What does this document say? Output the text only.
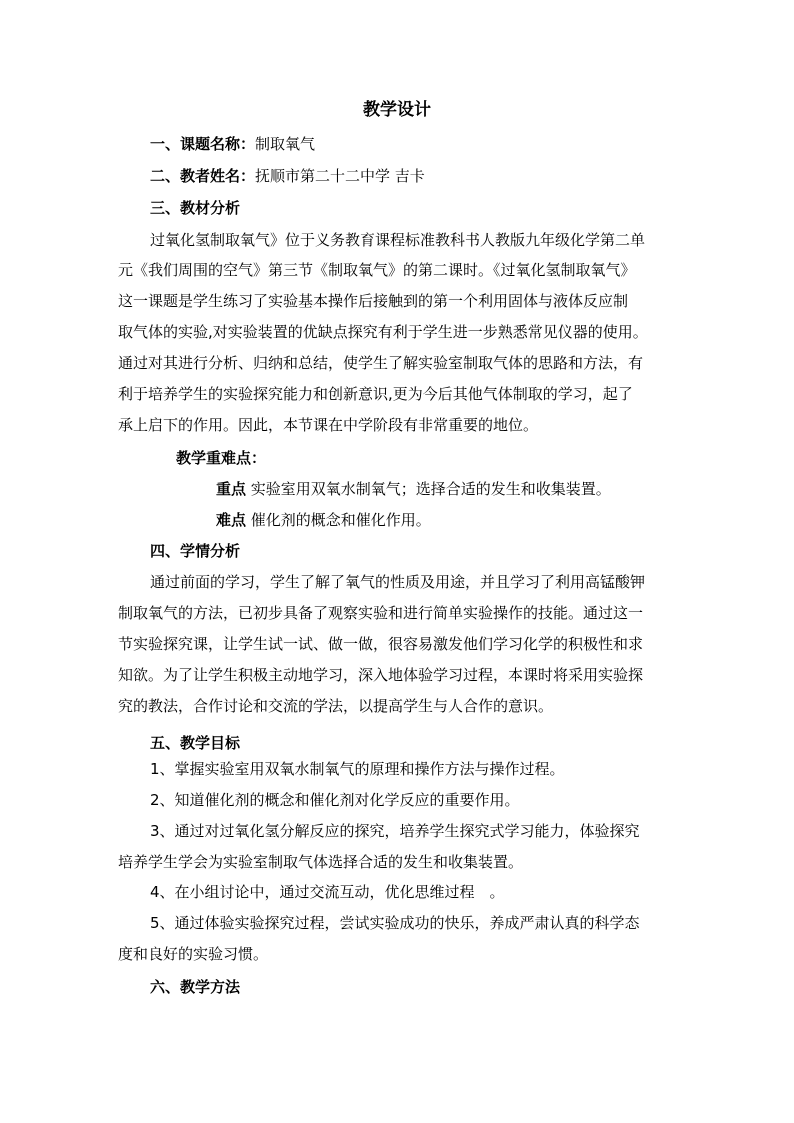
教学设计
一、课题名称：制取氧气
二、教者姓名：抚顺市第二十二中学 吉卡
三、教材分析
过氧化氢制取氧气》位于义务教育课程标准教科书人教版九年级化学第二单
元《我们周围的空气》第三节《制取氧气》的第二课时。《过氧化氢制取氧气》
这一课题是学生练习了实验基本操作后接触到的第一个利用固体与液体反应制
取气体的实验,对实验装置的优缺点探究有利于学生进一步熟悉常见仪器的使用。
通过对其进行分析、归纳和总结，使学生了解实验室制取气体的思路和方法，有
利于培养学生的实验探究能力和创新意识,更为今后其他气体制取的学习，起了
承上启下的作用。因此，本节课在中学阶段有非常重要的地位。
教学重难点：
重点 实验室用双氧水制氧气；选择合适的发生和收集装置。
难点 催化剂的概念和催化作用。
四、学情分析
通过前面的学习，学生了解了氧气的性质及用途，并且学习了利用高锰酸钾
制取氧气的方法，已初步具备了观察实验和进行简单实验操作的技能。通过这一
节实验探究课，让学生试一试、做一做，很容易激发他们学习化学的积极性和求
知欲。为了让学生积极主动地学习，深入地体验学习过程，本课时将采用实验探
究的教法，合作讨论和交流的学法，以提高学生与人合作的意识。
五、教学目标
1、掌握实验室用双氧水制氧气的原理和操作方法与操作过程。
2、知道催化剂的概念和催化剂对化学反应的重要作用。
3、通过对过氧化氢分解反应的探究，培养学生探究式学习能力，体验探究
培养学生学会为实验室制取气体选择合适的发生和收集装置。
4、在小组讨论中，通过交流互动，优化思维过程　。
5、通过体验实验探究过程，尝试实验成功的快乐，养成严肃认真的科学态
度和良好的实验习惯。
六、教学方法
